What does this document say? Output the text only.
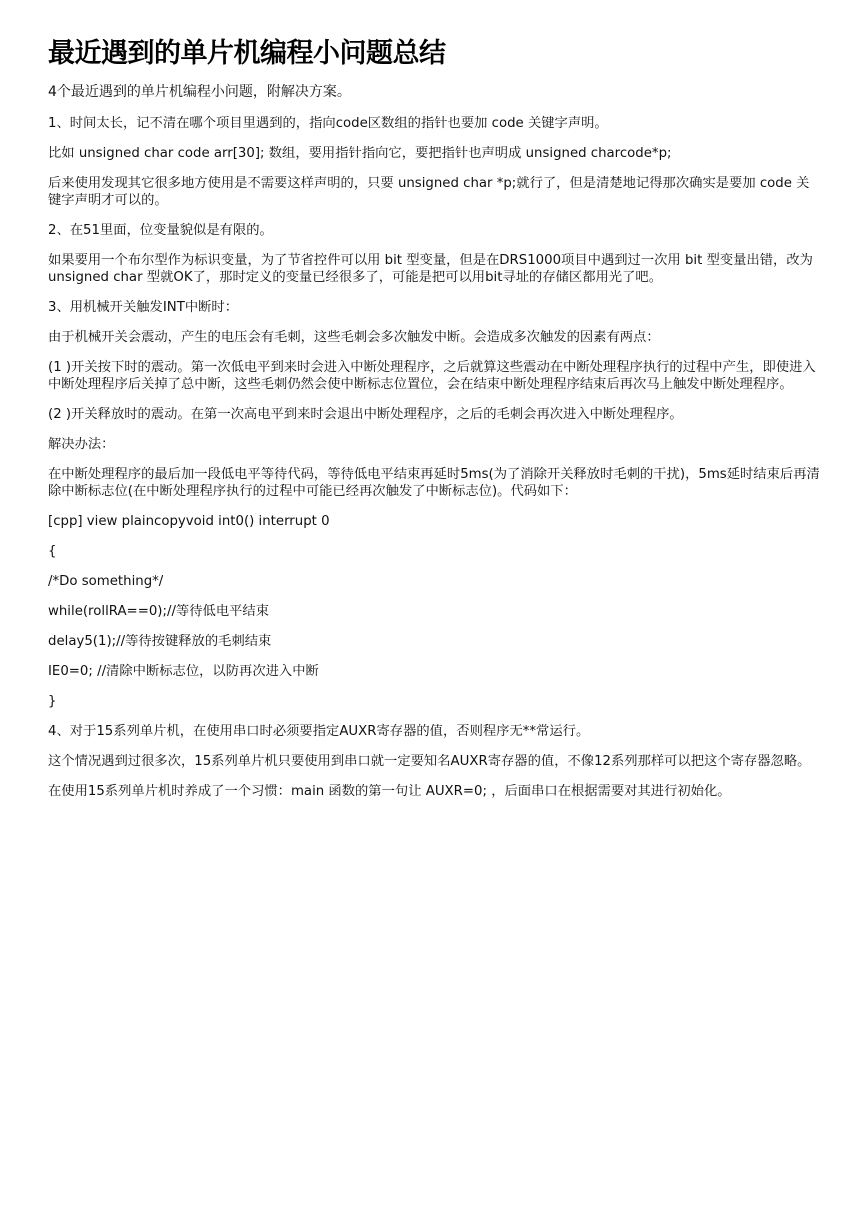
最近遇到的单片机编程小问题总结

4个最近遇到的单片机编程小问题，附解决方案。

1、时间太长，记不清在哪个项目里遇到的，指向code区数组的指针也要加 code 关键字声明。

比如 unsigned char code arr[30]; 数组，要用指针指向它，要把指针也声明成 unsigned charcode*p;

后来使用发现其它很多地方使用是不需要这样声明的，只要 unsigned char *p;就行了，但是清楚地记得那次确实是要加 code 关键字声明才可以的。

2、在51里面，位变量貌似是有限的。

如果要用一个布尔型作为标识变量，为了节省控件可以用 bit 型变量，但是在DRS1000项目中遇到过一次用 bit 型变量出错，改为 unsigned char 型就OK了，那时定义的变量已经很多了，可能是把可以用bit寻址的存储区都用光了吧。

3、用机械开关触发INT中断时：

由于机械开关会震动，产生的电压会有毛刺，这些毛刺会多次触发中断。会造成多次触发的因素有两点：

(1 )开关按下时的震动。第一次低电平到来时会进入中断处理程序，之后就算这些震动在中断处理程序执行的过程中产生，即使进入中断处理程序后关掉了总中断，这些毛刺仍然会使中断标志位置位，会在结束中断处理程序结束后再次马上触发中断处理程序。

(2 )开关释放时的震动。在第一次高电平到来时会退出中断处理程序，之后的毛刺会再次进入中断处理程序。

解决办法：

在中断处理程序的最后加一段低电平等待代码，等待低电平结束再延时5ms(为了消除开关释放时毛刺的干扰)，5ms延时结束后再清除中断标志位(在中断处理程序执行的过程中可能已经再次触发了中断标志位)。代码如下：

[cpp] view plaincopyvoid int0() interrupt 0

{

/*Do something*/

while(rollRA==0);//等待低电平结束

delay5(1);//等待按键释放的毛刺结束

IE0=0; //清除中断标志位，以防再次进入中断

}

4、对于15系列单片机，在使用串口时必须要指定AUXR寄存器的值，否则程序无**常运行。

这个情况遇到过很多次，15系列单片机只要使用到串口就一定要知名AUXR寄存器的值，不像12系列那样可以把这个寄存器忽略。

在使用15系列单片机时养成了一个习惯：main 函数的第一句让 AUXR=0; ，后面串口在根据需要对其进行初始化。
